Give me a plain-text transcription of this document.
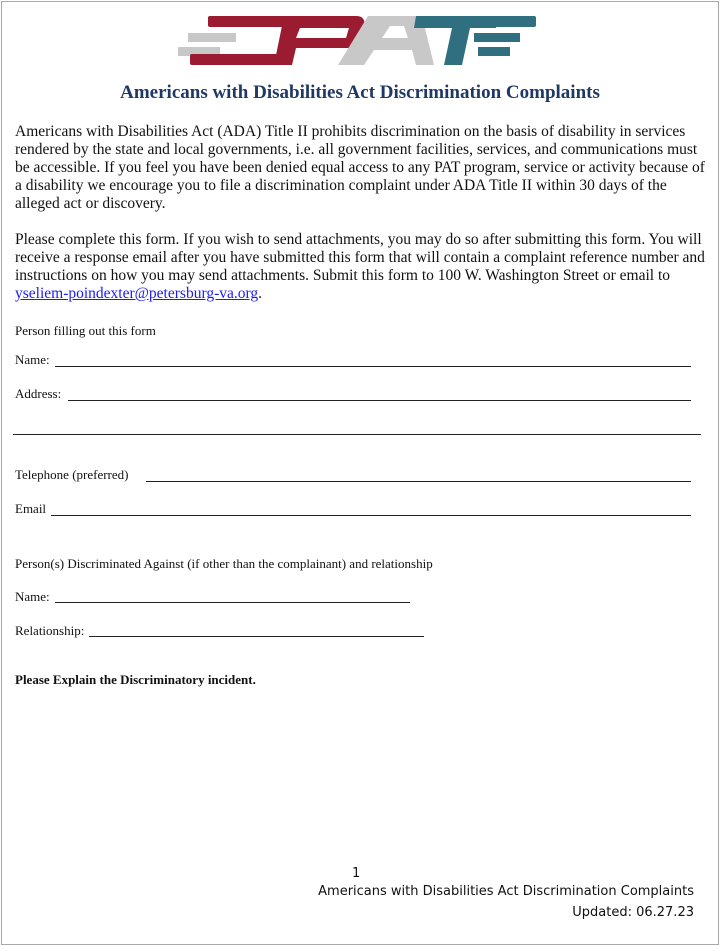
Americans with Disabilities Act Discrimination Complaints

Americans with Disabilities Act (ADA) Title II prohibits discrimination on the basis of disability in services rendered by the state and local governments, i.e. all government facilities, services, and communications must be accessible. If you feel you have been denied equal access to any PAT program, service or activity because of a disability we encourage you to file a discrimination complaint under ADA Title II within 30 days of the alleged act or discovery.

Please complete this form. If you wish to send attachments, you may do so after submitting this form. You will receive a response email after you have submitted this form that will contain a complaint reference number and instructions on how you may send attachments. Submit this form to 100 W. Washington Street or email to yseliem-poindexter@petersburg-va.org.

Person filling out this form
Name:
Address:
Telephone (preferred)
Email
Person(s) Discriminated Against (if other than the complainant) and relationship
Name:
Relationship:
Please Explain the Discriminatory incident.
1
Americans with Disabilities Act Discrimination Complaints
Updated: 06.27.23
